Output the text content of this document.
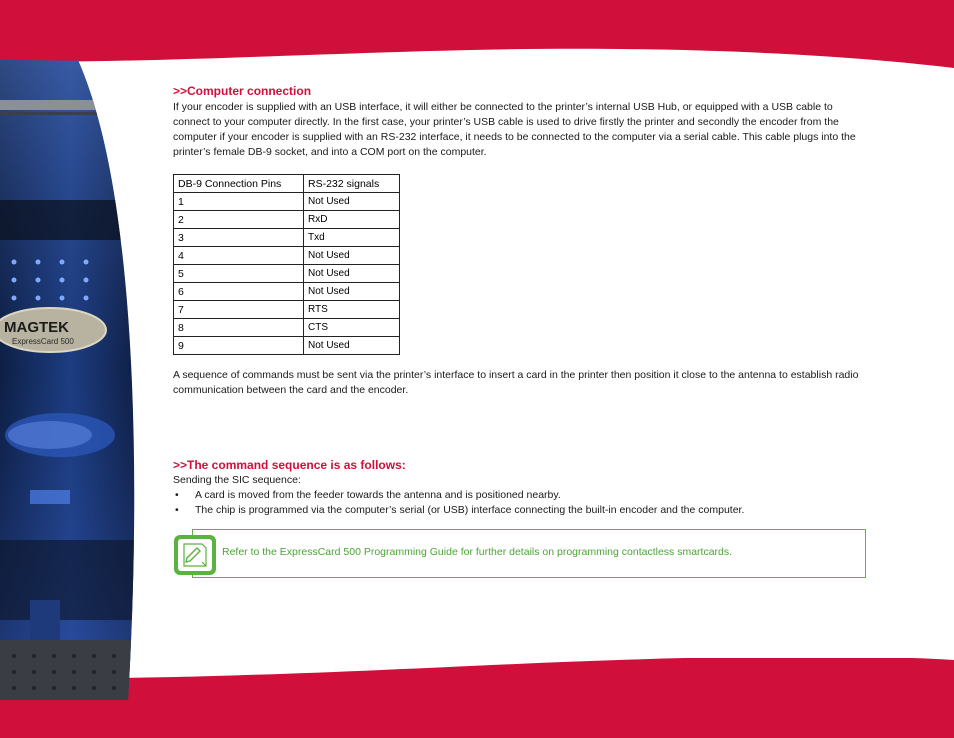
MAGTEK
ExpressCard 500
>>Computer connection

If your encoder is supplied with an USB interface, it will either be connected to the printer’s internal USB Hub, or equipped with a USB cable to connect to your computer directly. In the first case, your printer’s USB cable is used to drive firstly the printer and secondly the encoder from the computer if your encoder is supplied with an RS-232 interface, it needs to be connected to the computer via a serial cable. This cable plugs into the printer’s female DB-9 socket, and into a COM port on the computer.

DB-9 Connection Pins	RS-232 signals
1	Not Used
2	RxD
3	Txd
4	Not Used
5	Not Used
6	Not Used
7	RTS
8	CTS
9	Not Used

A sequence of commands must be sent via the printer’s interface to insert a card in the printer then position it close to the antenna to establish radio communication between the card and the encoder.

>>The command sequence is as follows:

Sending the SIC sequence:

• A card is moved from the feeder towards the antenna and is positioned nearby.
• The chip is programmed via the computer’s serial (or USB) interface connecting the built-in encoder and the computer.
Refer to the ExpressCard 500 Programming Guide for further details on programming contactless smartcards.
